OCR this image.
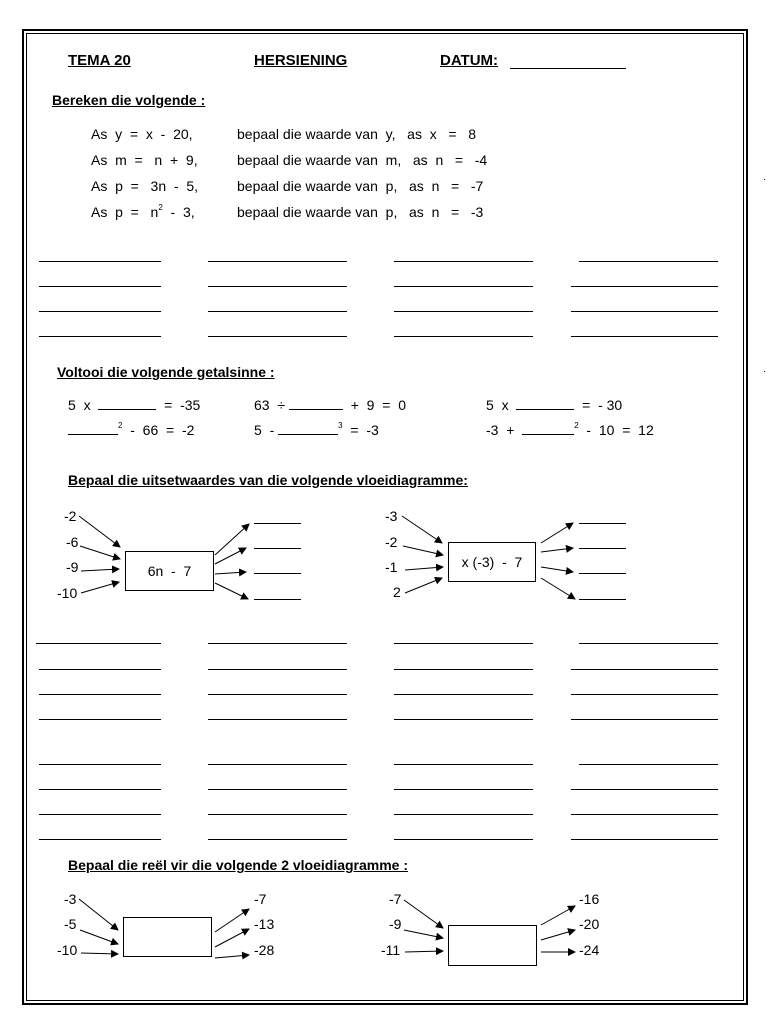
TEMA 20	HERSIENING	DATUM:
Bereken die volgende :
As  y  =  x  -  20,	bepaal die waarde van  y,   as  x   =   8
As  m  =   n  +  9,	bepaal die waarde van  m,   as  n   =   -4
As  p  =   3n  -  5,	bepaal die waarde van  p,   as  n   =   -7
As  $p = n^2 - 3$,	bepaal die waarde van  p,   as  n   =   -3
Voltooi die volgende getalsinne :
5  x	=  -35	63  ÷	+  9  =  0	5  x	=  - 30
$^2$ -  66  =  -2	5  -	$^3$ =  -3	-3  +	$^2$ -  10  =  12
Bepaal die uitsetwaardes van die volgende vloeidiagramme:
-2
-6
-9
-10
6n  -  7
-3
-2
-1
2
x (-3)  -  7
Bepaal die reël vir die volgende 2 vloeidiagramme :
-3
-5
-10
-7
-13
-28
-7
-9
-11
-16
-20
-24
·
·
